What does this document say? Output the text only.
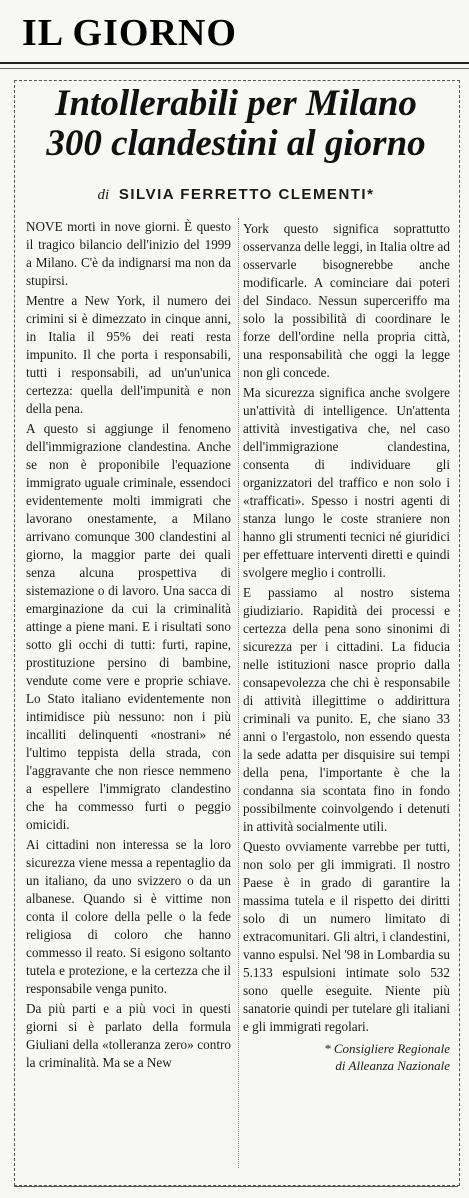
IL GIORNO
Intollerabili per Milano
300 clandestini al giorno
di SILVIA FERRETTO CLEMENTI*

NOVE morti in nove giorni. È questo il tragico bilancio dell'inizio del 1999 a Milano. C'è da indignarsi ma non da stupirsi.

Mentre a New York, il numero dei crimini si è dimezzato in cinque anni, in Italia il 95% dei reati resta impunito. Il che porta i responsabili, tutti i responsabili, ad un'un'unica certezza: quella dell'impunità e non della pena.

A questo si aggiunge il fenomeno dell'immigrazione clandestina. Anche se non è proponibile l'equazione immigrato uguale criminale, essendoci evidentemente molti immigrati che lavorano onestamente, a Milano arrivano comunque 300 clandestini al giorno, la maggior parte dei quali senza alcuna prospettiva di sistemazione o di lavoro. Una sacca di emarginazione da cui la criminalità attinge a piene mani. E i risultati sono sotto gli occhi di tutti: furti, rapine, prostituzione persino di bambine, vendute come vere e proprie schiave. Lo Stato italiano evidentemente non intimidisce più nessuno: non i più incalliti delinquenti «nostrani» né l'ultimo teppista della strada, con l'aggravante che non riesce nemmeno a espellere l'immigrato clandestino che ha commesso furti o peggio omicidi.

Ai cittadini non interessa se la loro sicurezza viene messa a repentaglio da un italiano, da uno svizzero o da un albanese. Quando si è vittime non conta il colore della pelle o la fede religiosa di coloro che hanno commesso il reato. Si esigono soltanto tutela e protezione, e la certezza che il responsabile venga punito.

Da più parti e a più voci in questi giorni si è parlato della formula Giuliani della «tolleranza zero» contro la criminalità. Ma se a New

York questo significa soprattutto osservanza delle leggi, in Italia oltre ad osservarle bisognerebbe anche modificarle. A cominciare dai poteri del Sindaco. Nessun superceriffo ma solo la possibilità di coordinare le forze dell'ordine nella propria città, una responsabilità che oggi la legge non gli concede.

Ma sicurezza significa anche svolgere un'attività di intelligence. Un'attenta attività investigativa che, nel caso dell'immigrazione clandestina, consenta di individuare gli organizzatori del traffico e non solo i «trafficati». Spesso i nostri agenti di stanza lungo le coste straniere non hanno gli strumenti tecnici né giuridici per effettuare interventi diretti e quindi svolgere meglio i controlli.

E passiamo al nostro sistema giudiziario. Rapidità dei processi e certezza della pena sono sinonimi di sicurezza per i cittadini. La fiducia nelle istituzioni nasce proprio dalla consapevolezza che chi è responsabile di attività illegittime o addirittura criminali va punito. E, che siano 33 anni o l'ergastolo, non essendo questa la sede adatta per disquisire sui tempi della pena, l'importante è che la condanna sia scontata fino in fondo possibilmente coinvolgendo i detenuti in attività socialmente utili.

Questo ovviamente varrebbe per tutti, non solo per gli immigrati. Il nostro Paese è in grado di garantire la massima tutela e il rispetto dei diritti solo di un numero limitato di extracomunitari. Gli altri, i clandestini, vanno espulsi. Nel '98 in Lombardia su 5.133 espulsioni intimate solo 532 sono quelle eseguite. Niente più sanatorie quindi per tutelare gli italiani e gli immigrati regolari.

* Consigliere Regionale
di Alleanza Nazionale
